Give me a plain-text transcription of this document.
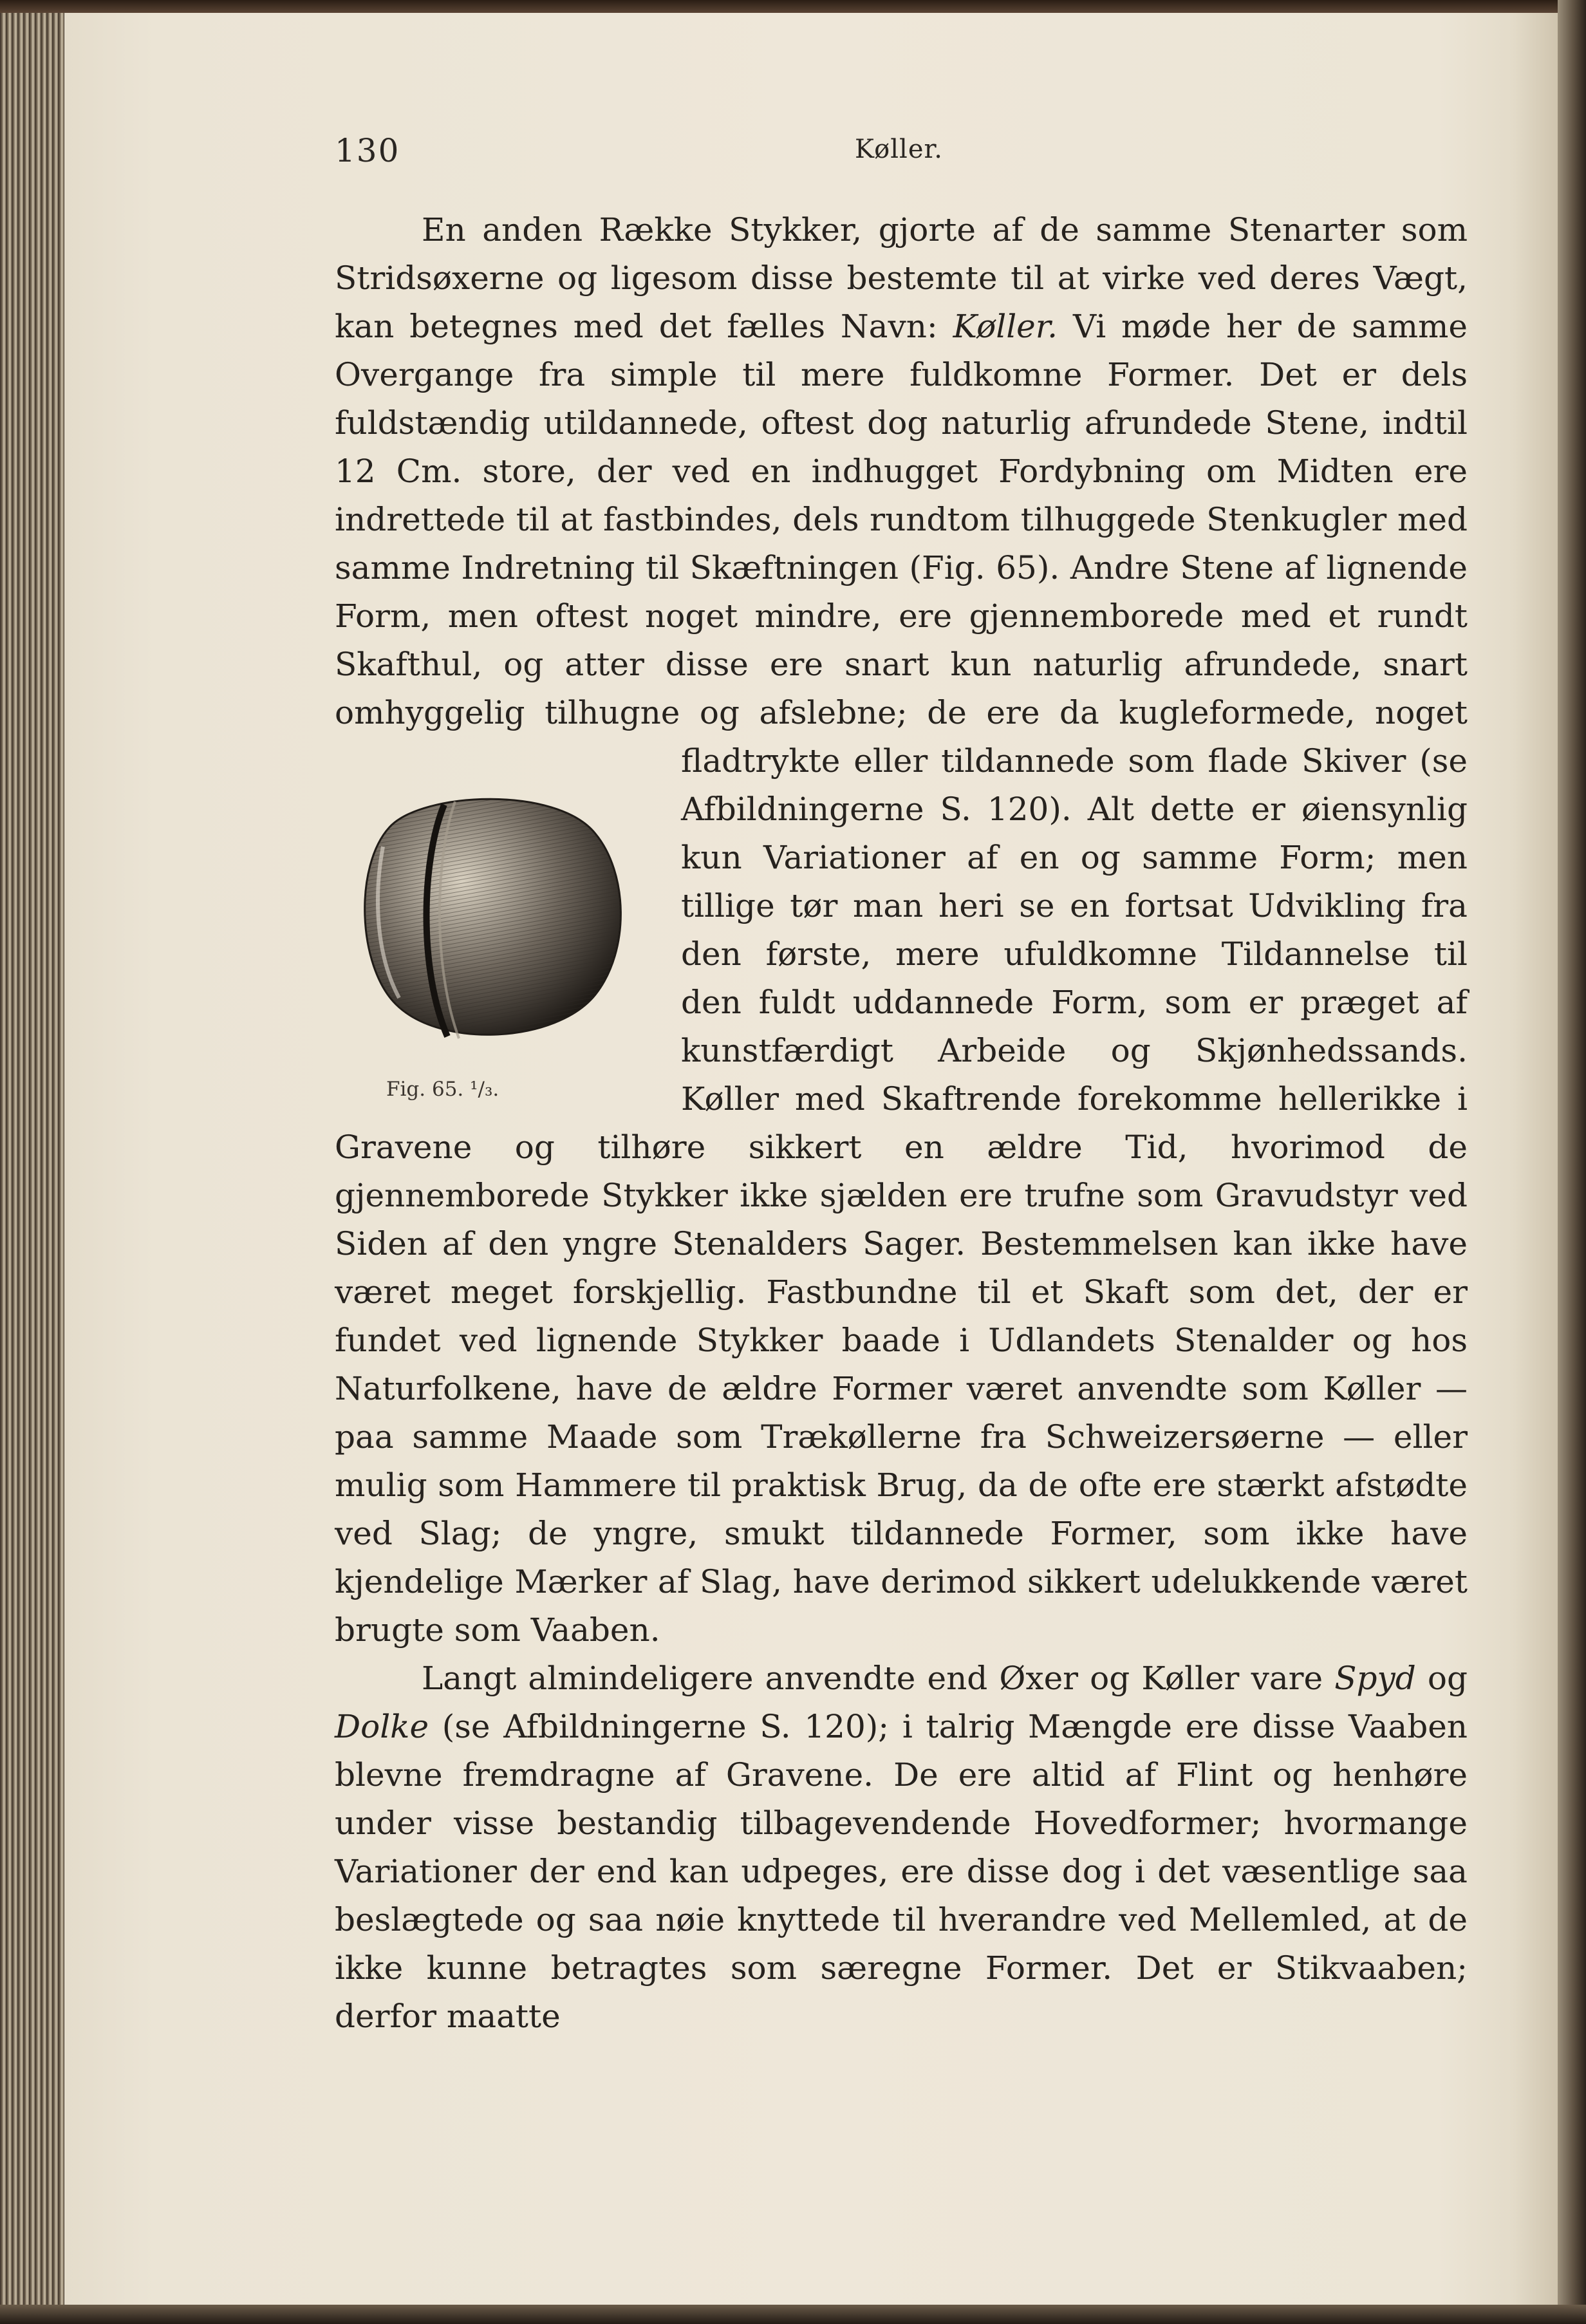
130	Køller.

En anden Række Stykker, gjorte af de samme Stenarter som Stridsøxerne og ligesom disse bestemte til at virke ved deres Vægt, kan betegnes med det fælles Navn: Køller. Vi møde her de samme Overgange fra simple til mere fuldkomne Former. Det er dels fuldstændig utildannede, oftest dog naturlig afrundede Stene, indtil 12 Cm. store, der ved en indhugget Fordybning om Midten ere indrettede til at fastbindes, dels rundtom tilhuggede Stenkugler med samme Indretning til Skæftningen (Fig. 65). Andre Stene af lignende Form, men oftest noget mindre, ere gjennemborede med et rundt Skafthul, og atter disse ere snart kun naturlig afrundede, snart omhyggelig tilhugne og afslebne; de ere da kugleformede, noget fladtrykte eller tildannede som flade
Fig. 65. ¹/₃.
Skiver (se Afbildningerne S. 120). Alt dette er øiensynlig kun Variationer af en og samme Form; men tillige tør man heri se en fortsat Udvikling fra den første, mere ufuldkomne Tildannelse til den fuldt uddannede Form, som er præget af kunstfærdigt Arbeide og Skjønhedssands. Køller med Skaftrende forekomme hellerikke i Gravene og tilhøre sikkert en ældre Tid, hvorimod de gjennemborede Stykker ikke sjælden ere trufne som Gravudstyr ved Siden af den yngre Stenalders Sager. Bestemmelsen kan ikke have været meget forskjellig. Fastbundne til et Skaft som det, der er fundet ved lignende Stykker baade i Udlandets Stenalder og hos Naturfolkene, have de ældre Former været anvendte som Køller — paa samme Maade som Trækøllerne fra Schweizersøerne — eller mulig som Hammere til praktisk Brug, da de ofte ere stærkt afstødte ved Slag; de yngre, smukt tildannede Former, som ikke have kjendelige Mærker af Slag, have derimod sikkert udelukkende været brugte som Vaaben.

Langt almindeligere anvendte end Øxer og Køller vare Spyd og Dolke (se Afbildningerne S. 120); i talrig Mængde ere disse Vaaben blevne fremdragne af Gravene. De ere altid af Flint og henhøre under visse bestandig tilbagevendende Hovedformer; hvormange Variationer der end kan udpeges, ere disse dog i det væsentlige saa beslægtede og saa nøie knyttede til hverandre ved Mellemled, at de ikke kunne betragtes som særegne Former. Det er Stikvaaben; derfor maatte
